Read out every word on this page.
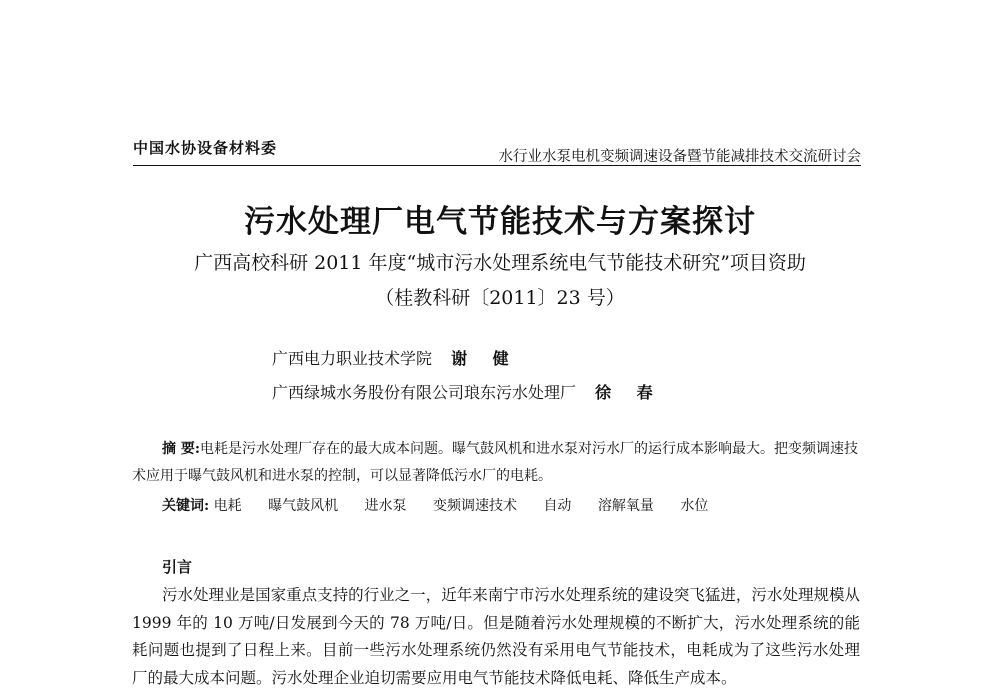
中国水协设备材料委	水行业水泵电机变频调速设备暨节能减排技术交流研讨会
污水处理厂电气节能技术与方案探讨
广西高校科研 2011 年度“城市污水处理系统电气节能技术研究”项目资助
（桂教科研〔2011〕23 号）
广西电力职业技术学院 谢 健
广西绿城水务股份有限公司琅东污水处理厂 徐 春
摘 要:电耗是污水处理厂存在的最大成本问题。曝气鼓风机和进水泵对污水厂的运行成本影响最大。把变频调速技术应用于曝气鼓风机和进水泵的控制，可以显著降低污水厂的电耗。
关键词: 电耗 曝气鼓风机 进水泵 变频调速技术 自动 溶解氧量 水位
引言
污水处理业是国家重点支持的行业之一，近年来南宁市污水处理系统的建设突飞猛进，污水处理规模从 1999 年的 10 万吨/日发展到今天的 78 万吨/日。但是随着污水处理规模的不断扩大，污水处理系统的能耗问题也提到了日程上来。目前一些污水处理系统仍然没有采用电气节能技术，电耗成为了这些污水处理厂的最大成本问题。污水处理企业迫切需要应用电气节能技术降低电耗、降低生产成本。
